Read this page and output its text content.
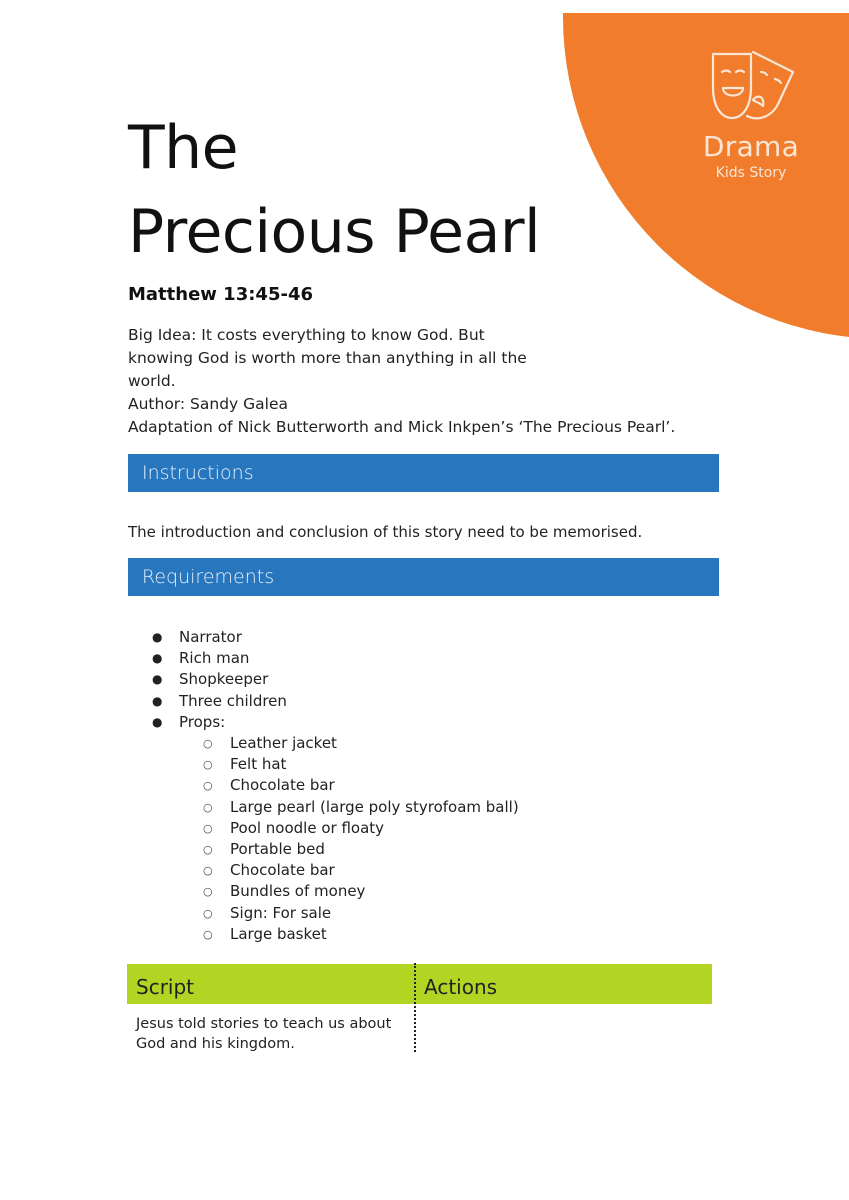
Drama
Kids Story
The
Precious Pearl
Matthew 13:45-46
Big Idea: It costs everything to know God. But
knowing God is worth more than anything in all the
world.
Author: Sandy Galea
Adaptation of Nick Butterworth and Mick Inkpen’s ‘The Precious Pearl’.
Instructions
The introduction and conclusion of this story need to be memorised.
Requirements
●	Narrator
●	Rich man
●	Shopkeeper
●	Three children
●	Props:
○	Leather jacket
○	Felt hat
○	Chocolate bar
○	Large pearl (large poly styrofoam ball)
○	Pool noodle or floaty
○	Portable bed
○	Chocolate bar
○	Bundles of money
○	Sign: For sale
○	Large basket
Script	Actions
Jesus told stories to teach us about
God and his kingdom.
